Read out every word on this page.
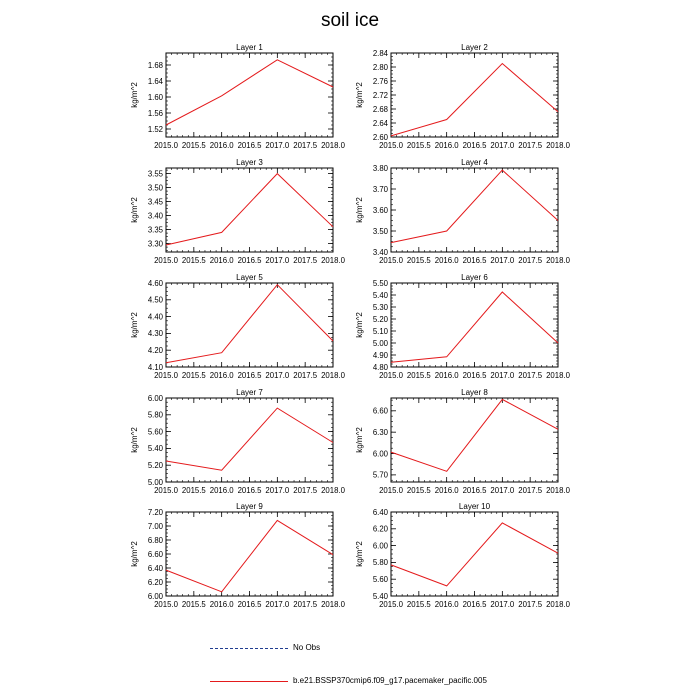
soil ice
Layer 1
kg/m^2
2015.0 2015.5 2016.0 2016.5 2017.0 2017.5 2018.0
1.52
1.56
1.60
1.64
1.68
Layer 2
kg/m^2
2015.0 2015.5 2016.0 2016.5 2017.0 2017.5 2018.0
2.60
2.64
2.68
2.72
2.76
2.80
2.84
Layer 3
kg/m^2
2015.0 2015.5 2016.0 2016.5 2017.0 2017.5 2018.0
3.30
3.35
3.40
3.45
3.50
3.55
Layer 4
kg/m^2
2015.0 2015.5 2016.0 2016.5 2017.0 2017.5 2018.0
3.40
3.50
3.60
3.70
3.80
Layer 5
kg/m^2
2015.0 2015.5 2016.0 2016.5 2017.0 2017.5 2018.0
4.10
4.20
4.30
4.40
4.50
4.60
Layer 6
kg/m^2
2015.0 2015.5 2016.0 2016.5 2017.0 2017.5 2018.0
4.80
4.90
5.00
5.10
5.20
5.30
5.40
5.50
Layer 7
kg/m^2
2015.0 2015.5 2016.0 2016.5 2017.0 2017.5 2018.0
5.00
5.20
5.40
5.60
5.80
6.00
Layer 8
kg/m^2
2015.0 2015.5 2016.0 2016.5 2017.0 2017.5 2018.0
5.70
6.00
6.30
6.60
Layer 9
kg/m^2
2015.0 2015.5 2016.0 2016.5 2017.0 2017.5 2018.0
6.00
6.20
6.40
6.60
6.80
7.00
7.20
Layer 10
kg/m^2
2015.0 2015.5 2016.0 2016.5 2017.0 2017.5 2018.0
5.40
5.60
5.80
6.00
6.20
6.40
No Obs
b.e21.BSSP370cmip6.f09_g17.pacemaker_pacific.005
